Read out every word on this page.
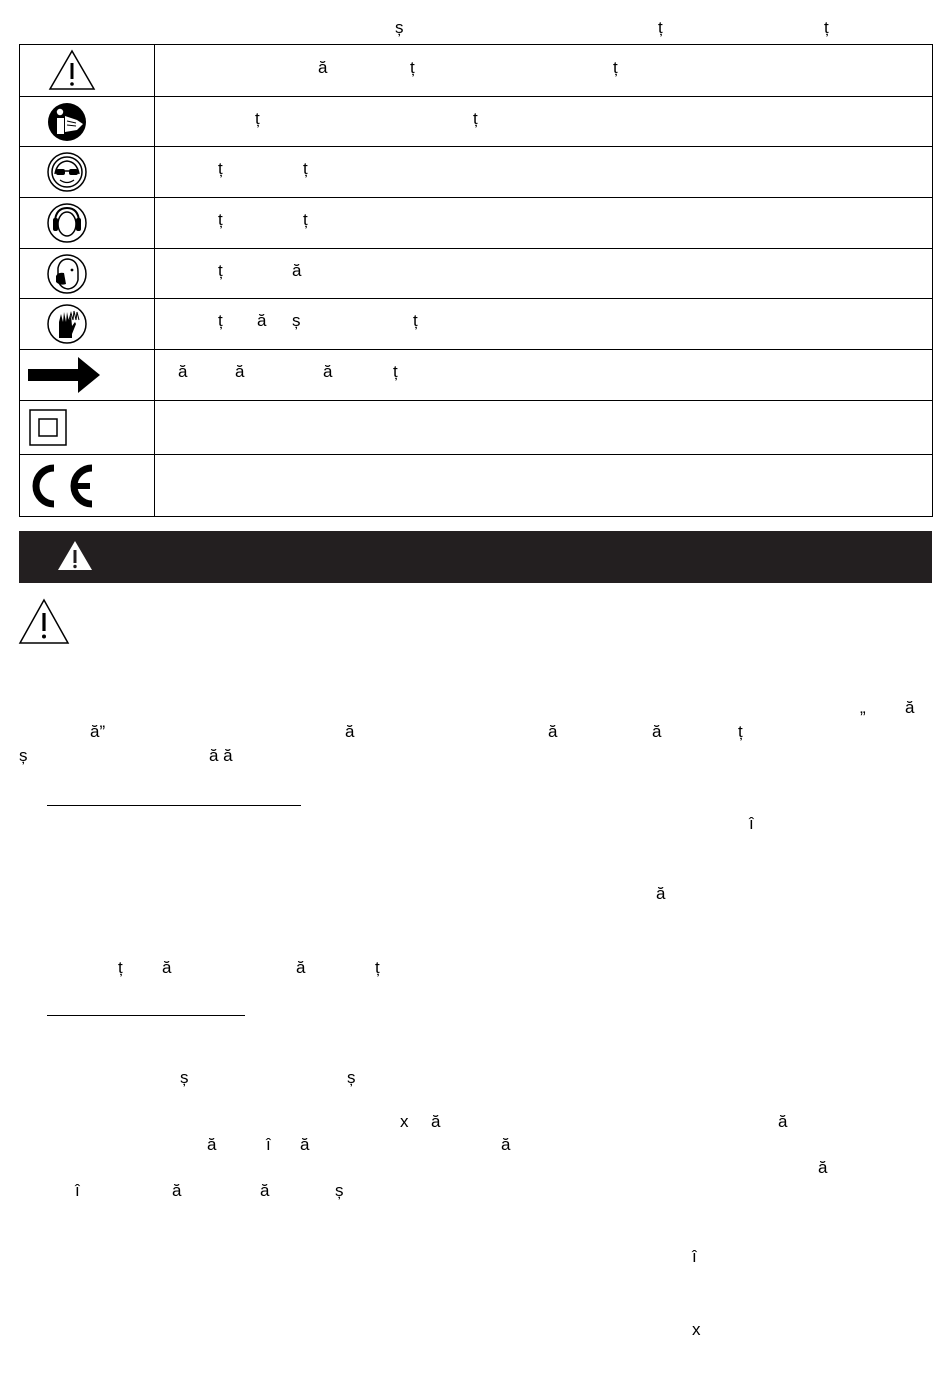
ș	ț	ț

ă ț ț

ț ț

ț ț

ț ț

ț ă

ț ă ș ț

ă ă ă ț

„ ă
ă”	ă	ă	ă	ț
ș	ă ă
î
ă
ț ă	ă	ț
ș	ș
x ă	ă
ă	î ă	ă
ă
î	ă	ă	ș
î
x
